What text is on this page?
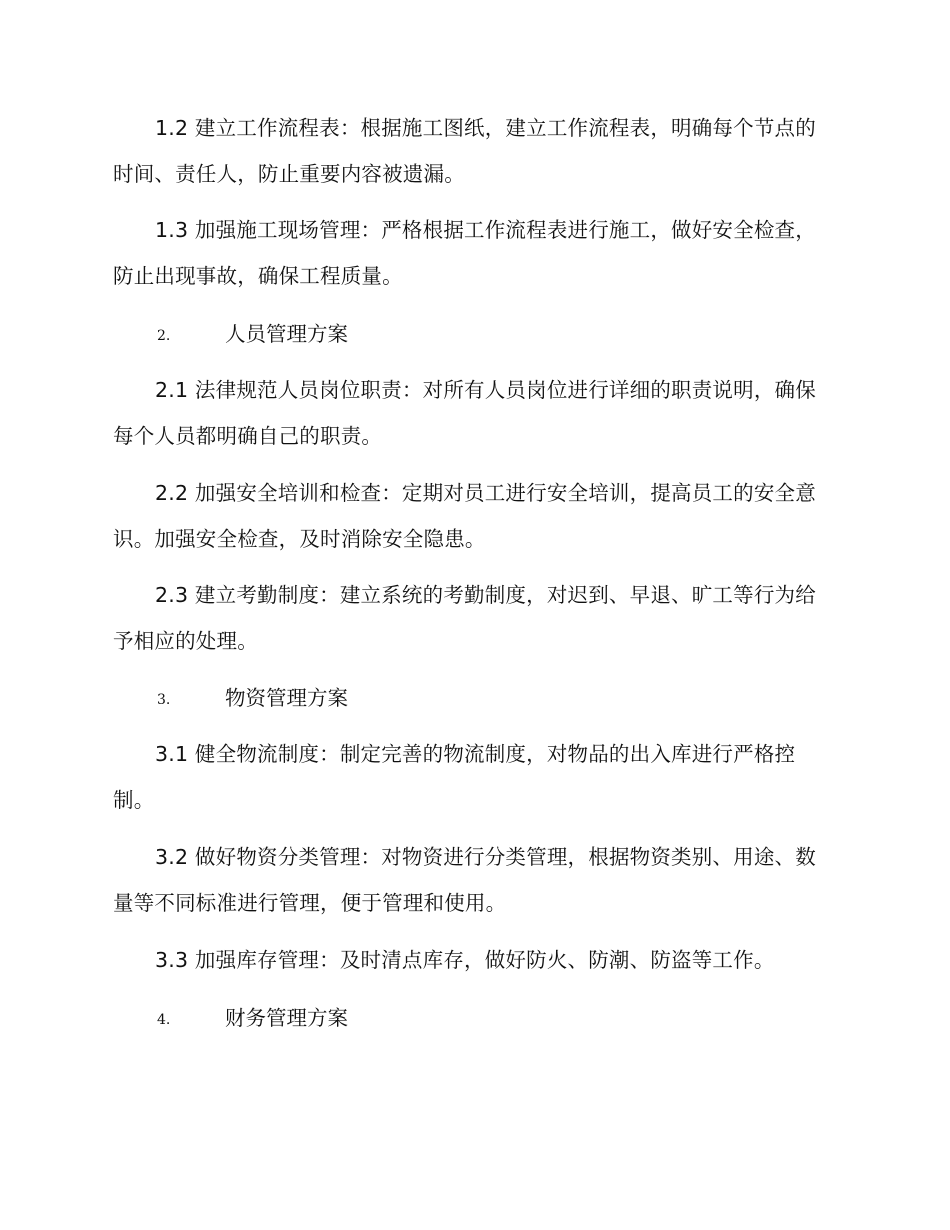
1.2 建立工作流程表：根据施工图纸，建立工作流程表，明确每个节点的时间、责任人，防止重要内容被遗漏。

1.3 加强施工现场管理：严格根据工作流程表进行施工，做好安全检查，防止出现事故，确保工程质量。

2.	人员管理方案

2.1 法律规范人员岗位职责：对所有人员岗位进行详细的职责说明，确保每个人员都明确自己的职责。

2.2 加强安全培训和检查：定期对员工进行安全培训，提高员工的安全意识。加强安全检查，及时消除安全隐患。

2.3 建立考勤制度：建立系统的考勤制度，对迟到、早退、旷工等行为给予相应的处理。

3.	物资管理方案

3.1 健全物流制度：制定完善的物流制度，对物品的出入库进行严格控制。

3.2 做好物资分类管理：对物资进行分类管理，根据物资类别、用途、数量等不同标准进行管理，便于管理和使用。

3.3 加强库存管理：及时清点库存，做好防火、防潮、防盗等工作。

4.	财务管理方案
